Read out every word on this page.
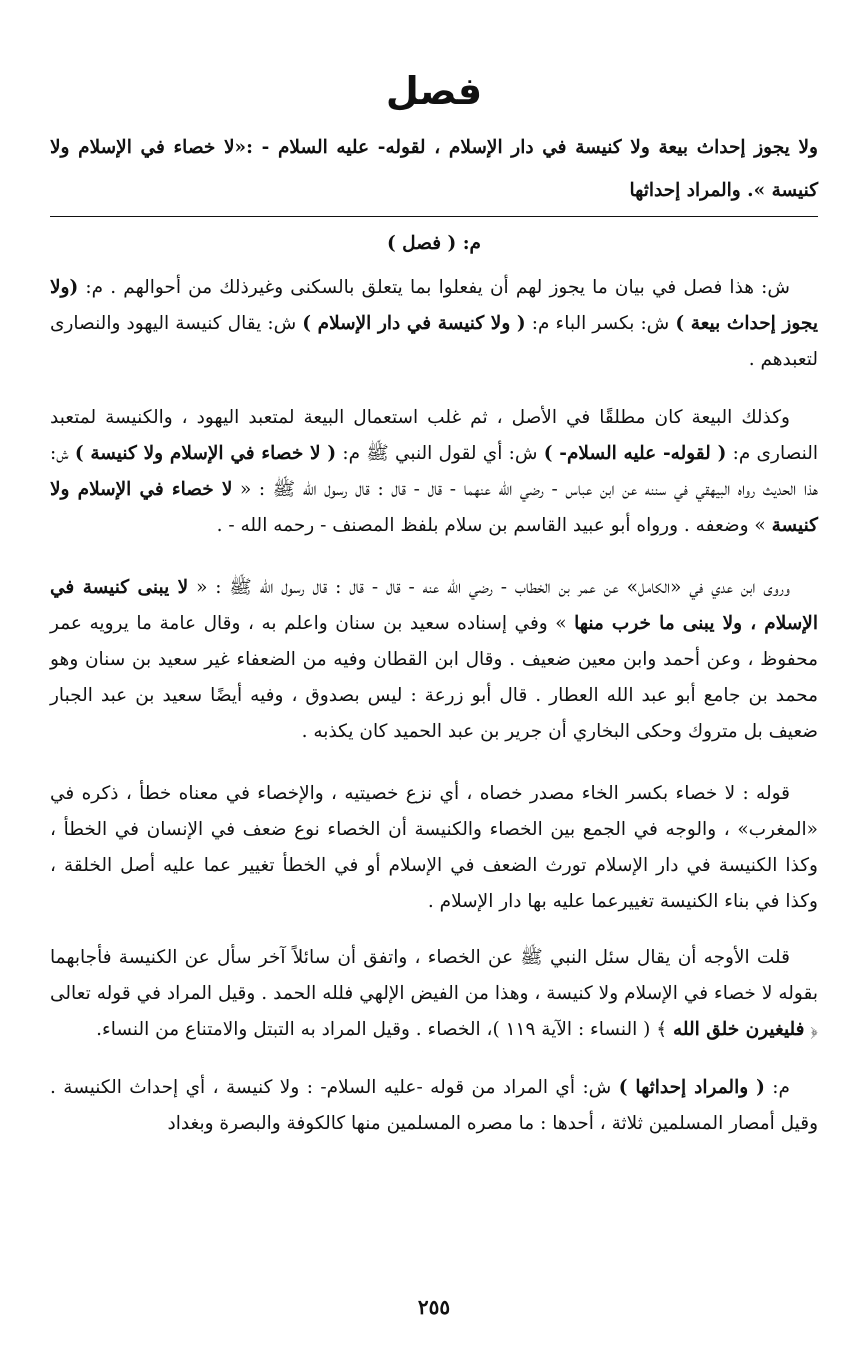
فصل
ولا يجوز إحداث بيعة ولا كنيسة في دار الإسلام ، لقوله- عليه السلام - :«لا خصاء في الإسلام ولا كنيسة ». والمراد إحداثها
م: ( فصل )

ش: هذا فصل في بيان ما يجوز لهم أن يفعلوا بما يتعلق بالسكنى وغيرذلك من أحوالهم . م: (ولا يجوز إحداث بيعة ) ش: بكسر الباء م: ( ولا كنيسة في دار الإسلام ) ش: يقال كنيسة اليهود والنصارى لتعبدهم .

وكذلك البيعة كان مطلقًا في الأصل ، ثم غلب استعمال البيعة لمتعبد اليهود ، والكنيسة لمتعبد النصارى م: ( لقوله- عليه السلام- ) ش: أي لقول النبي ﷺ م: ( لا خصاء في الإسلام ولا كنيسة ) ش: هذا الحديث رواه البيهقي في سننه عن ابن عباس - رضي الله عنهما - قال - قال : قال رسول الله ﷺ : « لا خصاء في الإسلام ولا كنيسة » وضعفه . ورواه أبو عبيد القاسم بن سلام بلفظ المصنف - رحمه الله - .

وروى ابن عدي في «الكامل» عن عمر بن الخطاب - رضي الله عنه - قال - قال : قال رسول الله ﷺ : « لا يبنى كنيسة في الإسلام ، ولا يبنى ما خرب منها » وفي إسناده سعيد بن سنان واعلم به ، وقال عامة ما يرويه عمر محفوظ ، وعن أحمد وابن معين ضعيف . وقال ابن القطان وفيه من الضعفاء غير سعيد بن سنان وهو محمد بن جامع أبو عبد الله العطار . قال أبو زرعة : ليس بصدوق ، وفيه أيضًا سعيد بن عبد الجبار ضعيف بل متروك وحكى البخاري أن جرير بن عبد الحميد كان يكذبه .

قوله : لا خصاء بكسر الخاء مصدر خصاه ، أي نزع خصيتيه ، والإخصاء في معناه خطأ ، ذكره في «المغرب» ، والوجه في الجمع بين الخصاء والكنيسة أن الخصاء نوع ضعف في الإنسان في الخطأ ، وكذا الكنيسة في دار الإسلام تورث الضعف في الإسلام أو في الخطأ تغيير عما عليه أصل الخلقة ، وكذا في بناء الكنيسة تغييرعما عليه بها دار الإسلام .

قلت الأوجه أن يقال سئل النبي ﷺ عن الخصاء ، واتفق أن سائلاً آخر سأل عن الكنيسة فأجابهما بقوله لا خصاء في الإسلام ولا كنيسة ، وهذا من الفيض الإلهي فلله الحمد . وقيل المراد في قوله تعالى ﴿ فليغيرن خلق الله ﴾ ( النساء : الآية ١١٩ )، الخصاء . وقيل المراد به التبتل والامتناع من النساء.

م: ( والمراد إحداثها ) ش: أي المراد من قوله -عليه السلام- : ولا كنيسة ، أي إحداث الكنيسة . وقيل أمصار المسلمين ثلاثة ، أحدها : ما مصره المسلمين منها كالكوفة والبصرة وبغداد

٢٥٥
